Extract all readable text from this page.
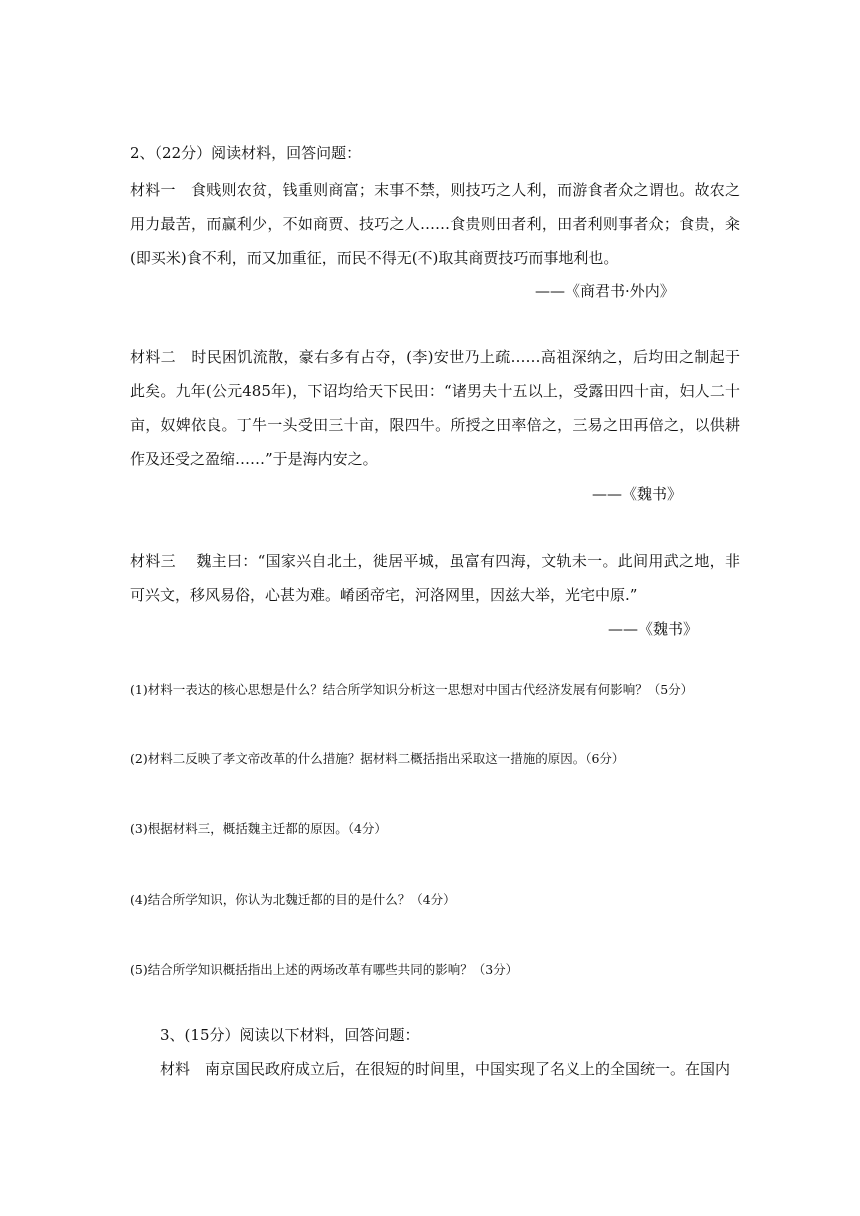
2、（22分）阅读材料，回答问题：

材料一　食贱则农贫，钱重则商富；末事不禁，则技巧之人利，而游食者众之谓也。故农之用力最苦，而赢利少，不如商贾、技巧之人……食贵则田者利，田者利则事者众；食贵，籴(即买米)食不利，而又加重征，而民不得无(不)取其商贾技巧而事地利也。

——《商君书·外内》

材料二　时民困饥流散，豪右多有占夺，(李)安世乃上疏……高祖深纳之，后均田之制起于此矣。九年(公元485年)，下诏均给天下民田：“诸男夫十五以上，受露田四十亩，妇人二十亩，奴婢依良。丁牛一头受田三十亩，限四牛。所授之田率倍之，三易之田再倍之，以供耕作及还受之盈缩……”于是海内安之。

——《魏书》

材料三　 魏主曰：“国家兴自北土，徙居平城，虽富有四海，文轨未一。此间用武之地，非可兴文，移风易俗，心甚为难。崤函帝宅，河洛网里，因兹大举，光宅中原.”

——《魏书》
(1)材料一表达的核心思想是什么？结合所学知识分析这一思想对中国古代经济发展有何影响？（5分）
(2)材料二反映了孝文帝改革的什么措施？据材料二概括指出采取这一措施的原因。（6分）
(3)根据材料三，概括魏主迁都的原因。（4分）
(4)结合所学知识，你认为北魏迁都的目的是什么？（4分）
(5)结合所学知识概括指出上述的两场改革有哪些共同的影响？（3分）
3、(15分）阅读以下材料，回答问题：
材料　南京国民政府成立后，在很短的时间里，中国实现了名义上的全国统一。在国内
